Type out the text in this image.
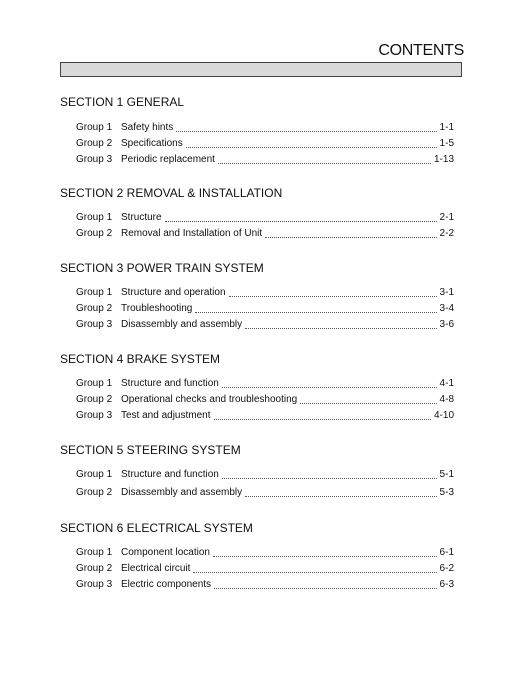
CONTENTS
SECTION 1 GENERAL
Group 1 Safety hints	1-1
Group 2 Specifications	1-5
Group 3 Periodic replacement	1-13
SECTION 2 REMOVAL & INSTALLATION
Group 1 Structure	2-1
Group 2 Removal and Installation of Unit	2-2
SECTION 3 POWER TRAIN SYSTEM
Group 1 Structure and operation	3-1
Group 2 Troubleshooting	3-4
Group 3 Disassembly and assembly	3-6
SECTION 4 BRAKE SYSTEM
Group 1 Structure and function	4-1
Group 2 Operational checks and troubleshooting	4-8
Group 3 Test and adjustment	4-10
SECTION 5 STEERING SYSTEM
Group 1 Structure and function	5-1
Group 2 Disassembly and assembly	5-3
SECTION 6 ELECTRICAL SYSTEM
Group 1 Component location	6-1
Group 2 Electrical circuit	6-2
Group 3 Electric components	6-3
